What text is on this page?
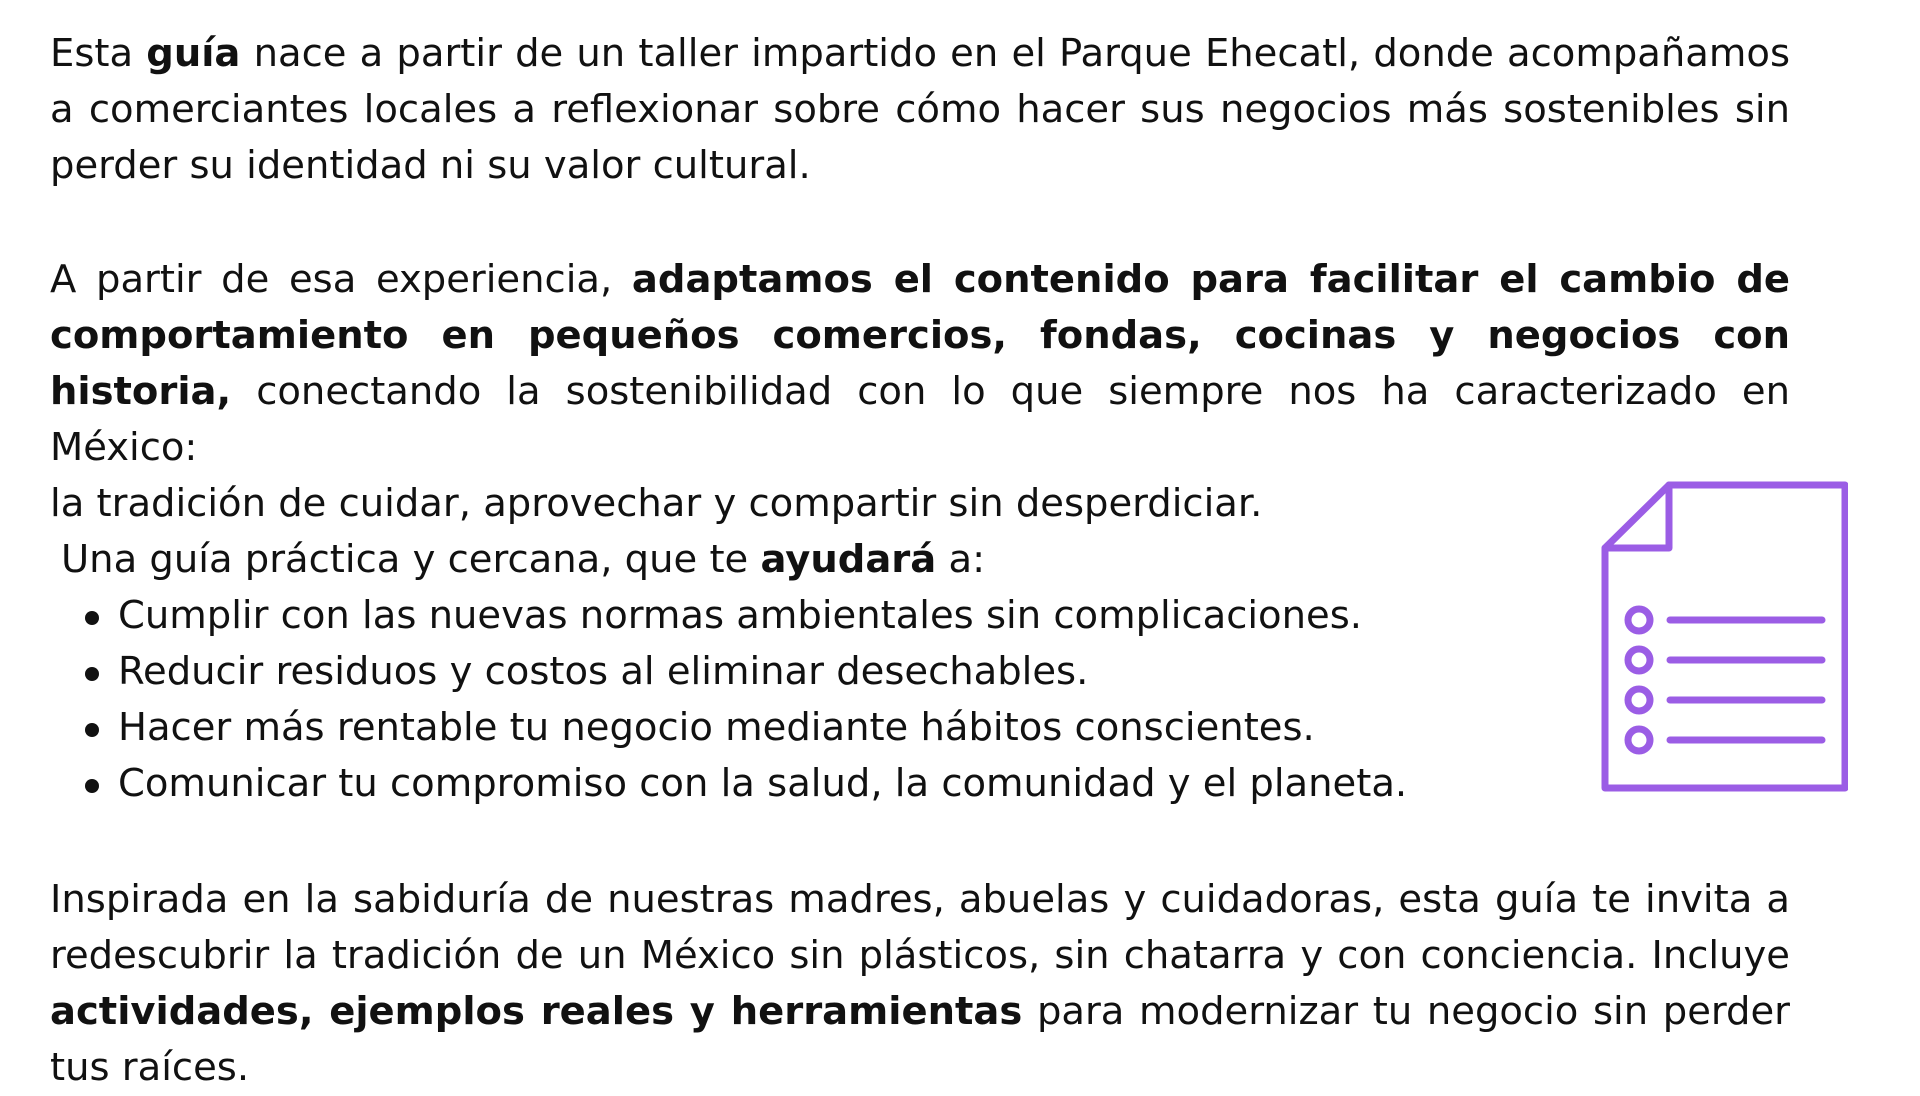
Esta guía nace a partir de un taller impartido en el Parque Ehecatl, donde acompañamos a comerciantes locales a reflexionar sobre cómo hacer sus negocios más sostenibles sin perder su identidad ni su valor cultural.

A partir de esa experiencia, adaptamos el contenido para facilitar el cambio de comportamiento en pequeños comercios, fondas, cocinas y negocios con historia, conectando la sostenibilidad con lo que siempre nos ha caracterizado en México:
la tradición de cuidar, aprovechar y compartir sin desperdiciar.

Una guía práctica y cercana, que te ayudará a:

Cumplir con las nuevas normas ambientales sin complicaciones.
Reducir residuos y costos al eliminar desechables.
Hacer más rentable tu negocio mediante hábitos conscientes.
Comunicar tu compromiso con la salud, la comunidad y el planeta.

Inspirada en la sabiduría de nuestras madres, abuelas y cuidadoras, esta guía te invita a redescubrir la tradición de un México sin plásticos, sin chatarra y con conciencia. Incluye actividades, ejemplos reales y herramientas para modernizar tu negocio sin perder tus raíces.
